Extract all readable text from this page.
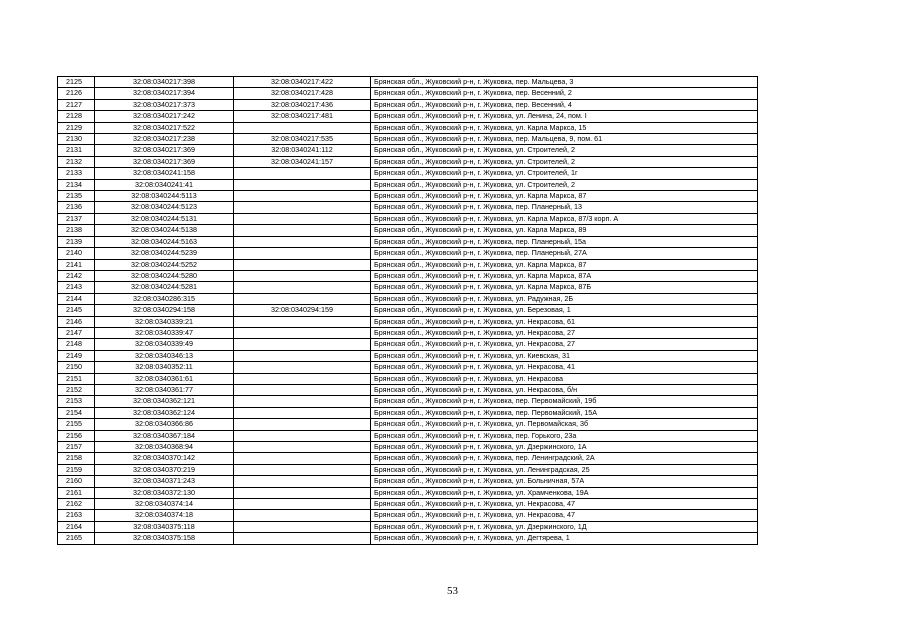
2125	32:08:0340217:398	32:08:0340217:422	Брянская обл., Жуковский р-н, г. Жуковка, пер. Мальцева, 3
2126	32:08:0340217:394	32:08:0340217:428	Брянская обл., Жуковский р-н, г. Жуковка, пер. Весенний, 2
2127	32:08:0340217:373	32:08:0340217:436	Брянская обл., Жуковский р-н, г. Жуковка, пер. Весенний, 4
2128	32:08:0340217:242	32:08:0340217:481	Брянская обл., Жуковский р-н, г. Жуковка, ул. Ленина, 24, пом. I
2129	32:08:0340217:522		Брянская обл., Жуковский р-н, г. Жуковка, ул. Карла Маркса, 15
2130	32:08:0340217:238	32:08:0340217:535	Брянская обл., Жуковский р-н, г. Жуковка, пер. Мальцева, 9, пом. 61
2131	32:08:0340217:369	32:08:0340241:112	Брянская обл., Жуковский р-н, г. Жуковка, ул. Строителей, 2
2132	32:08:0340217:369	32:08:0340241:157	Брянская обл., Жуковский р-н, г. Жуковка, ул. Строителей, 2
2133	32:08:0340241:158		Брянская обл., Жуковский р-н, г. Жуковка, ул. Строителей, 1г
2134	32:08:0340241:41		Брянская обл., Жуковский р-н, г. Жуковка, ул. Строителей, 2
2135	32:08:0340244:5113		Брянская обл., Жуковский р-н, г. Жуковка, ул. Карла Маркса, 87
2136	32:08:0340244:5123		Брянская обл., Жуковский р-н, г. Жуковка, пер. Планерный, 13
2137	32:08:0340244:5131		Брянская обл., Жуковский р-н, г. Жуковка, ул. Карла Маркса, 87/3 корп. А
2138	32:08:0340244:5138		Брянская обл., Жуковский р-н, г. Жуковка, ул. Карла Маркса, 89
2139	32:08:0340244:5163		Брянская обл., Жуковский р-н, г. Жуковка, пер. Планерный, 15а
2140	32:08:0340244:5239		Брянская обл., Жуковский р-н, г. Жуковка, пер. Планерный, 27А
2141	32:08:0340244:5252		Брянская обл., Жуковский р-н, г. Жуковка, ул. Карла Маркса, 87
2142	32:08:0340244:5280		Брянская обл., Жуковский р-н, г. Жуковка, ул. Карла Маркса, 87А
2143	32:08:0340244:5281		Брянская обл., Жуковский р-н, г. Жуковка, ул. Карла Маркса, 87Б
2144	32:08:0340286:315		Брянская обл., Жуковский р-н, г. Жуковка, ул. Радужная, 2Б
2145	32:08:0340294:158	32:08:0340294:159	Брянская обл., Жуковский р-н, г. Жуковка, ул. Березовая, 1
2146	32:08:0340339:21		Брянская обл., Жуковский р-н, г. Жуковка, ул. Некрасова, 61
2147	32:08:0340339:47		Брянская обл., Жуковский р-н, г. Жуковка, ул. Некрасова, 27
2148	32:08:0340339:49		Брянская обл., Жуковский р-н, г. Жуковка, ул. Некрасова, 27
2149	32:08:0340346:13		Брянская обл., Жуковский р-н, г. Жуковка, ул. Киевская, 31
2150	32:08:0340352:11		Брянская обл., Жуковский р-н, г. Жуковка, ул. Некрасова, 41
2151	32:08:0340361:61		Брянская обл., Жуковский р-н, г. Жуковка, ул. Некрасова
2152	32:08:0340361:77		Брянская обл., Жуковский р-н, г. Жуковка, ул. Некрасова, б/н
2153	32:08:0340362:121		Брянская обл., Жуковский р-н, г. Жуковка, пер. Первомайский, 19б
2154	32:08:0340362:124		Брянская обл., Жуковский р-н, г. Жуковка, пер. Первомайский, 15А
2155	32:08:0340366:86		Брянская обл., Жуковский р-н, г. Жуковка, ул. Первомайская, 3б
2156	32:08:0340367:184		Брянская обл., Жуковский р-н, г. Жуковка, пер. Горького, 23а
2157	32:08:0340368:94		Брянская обл., Жуковский р-н, г. Жуковка, ул. Дзержинского, 1А
2158	32:08:0340370:142		Брянская обл., Жуковский р-н, г. Жуковка, пер. Ленинградский, 2А
2159	32:08:0340370:219		Брянская обл., Жуковский р-н, г. Жуковка, ул. Ленинградская, 25
2160	32:08:0340371:243		Брянская обл., Жуковский р-н, г. Жуковка, ул. Больничная, 57А
2161	32:08:0340372:130		Брянская обл., Жуковский р-н, г. Жуковка, ул. Храмченкова, 19А
2162	32:08:0340374:14		Брянская обл., Жуковский р-н, г. Жуковка, ул. Некрасова, 47
2163	32:08:0340374:18		Брянская обл., Жуковский р-н, г. Жуковка, ул. Некрасова, 47
2164	32:08:0340375:118		Брянская обл., Жуковский р-н, г. Жуковка, ул. Дзержинского, 1Д
2165	32:08:0340375:158		Брянская обл., Жуковский р-н, г. Жуковка, ул. Дегтярева, 1
53
